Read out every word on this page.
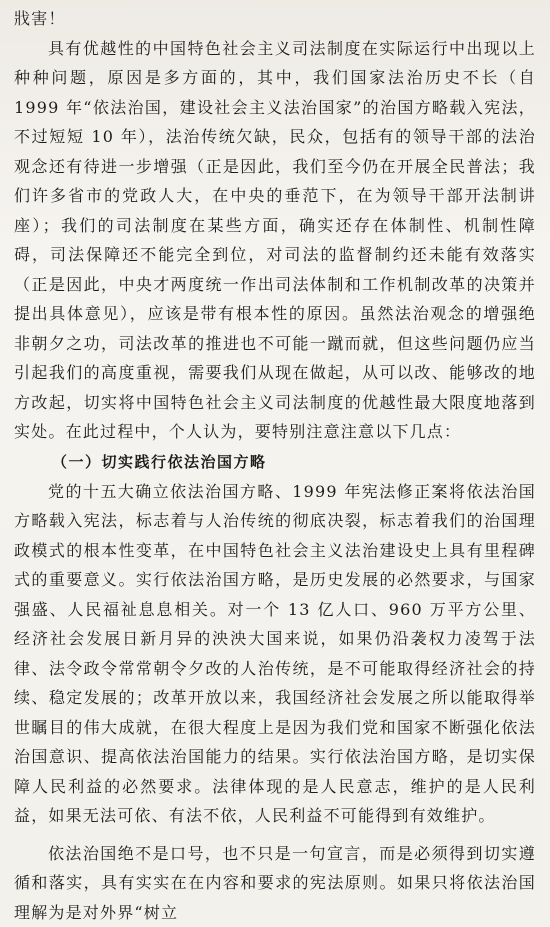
戕害！

具有优越性的中国特色社会主义司法制度在实际运行中出现以上种种问题，原因是多方面的，其中，我们国家法治历史不长（自 1999 年“依法治国，建设社会主义法治国家”的治国方略载入宪法，不过短短 10 年），法治传统欠缺，民众，包括有的领导干部的法治观念还有待进一步增强（正是因此，我们至今仍在开展全民普法；我们许多省市的党政人大，在中央的垂范下，在为领导干部开法制讲座）；我们的司法制度在某些方面，确实还存在体制性、机制性障碍，司法保障还不能完全到位，对司法的监督制约还未能有效落实（正是因此，中央才两度统一作出司法体制和工作机制改革的决策并提出具体意见），应该是带有根本性的原因。虽然法治观念的增强绝非朝夕之功，司法改革的推进也不可能一蹴而就，但这些问题仍应当引起我们的高度重视，需要我们从现在做起，从可以改、能够改的地方改起，切实将中国特色社会主义司法制度的优越性最大限度地落到实处。在此过程中，个人认为，要特别注意注意以下几点：

（一）切实践行依法治国方略

党的十五大确立依法治国方略、1999 年宪法修正案将依法治国方略载入宪法，标志着与人治传统的彻底决裂，标志着我们的治国理政模式的根本性变革，在中国特色社会主义法治建设史上具有里程碑式的重要意义。实行依法治国方略，是历史发展的必然要求，与国家强盛、人民福祉息息相关。对一个 13 亿人口、960 万平方公里、经济社会发展日新月异的泱泱大国来说，如果仍沿袭权力凌驾于法律、法令政令常常朝令夕改的人治传统，是不可能取得经济社会的持续、稳定发展的；改革开放以来，我国经济社会发展之所以能取得举世瞩目的伟大成就，在很大程度上是因为我们党和国家不断强化依法治国意识、提高依法治国能力的结果。实行依法治国方略，是切实保障人民利益的必然要求。法律体现的是人民意志，维护的是人民利益，如果无法可依、有法不依，人民利益不可能得到有效维护。

依法治国绝不是口号，也不只是一句宣言，而是必须得到切实遵循和落实，具有实实在在内容和要求的宪法原则。如果只将依法治国理解为是对外界“树立
